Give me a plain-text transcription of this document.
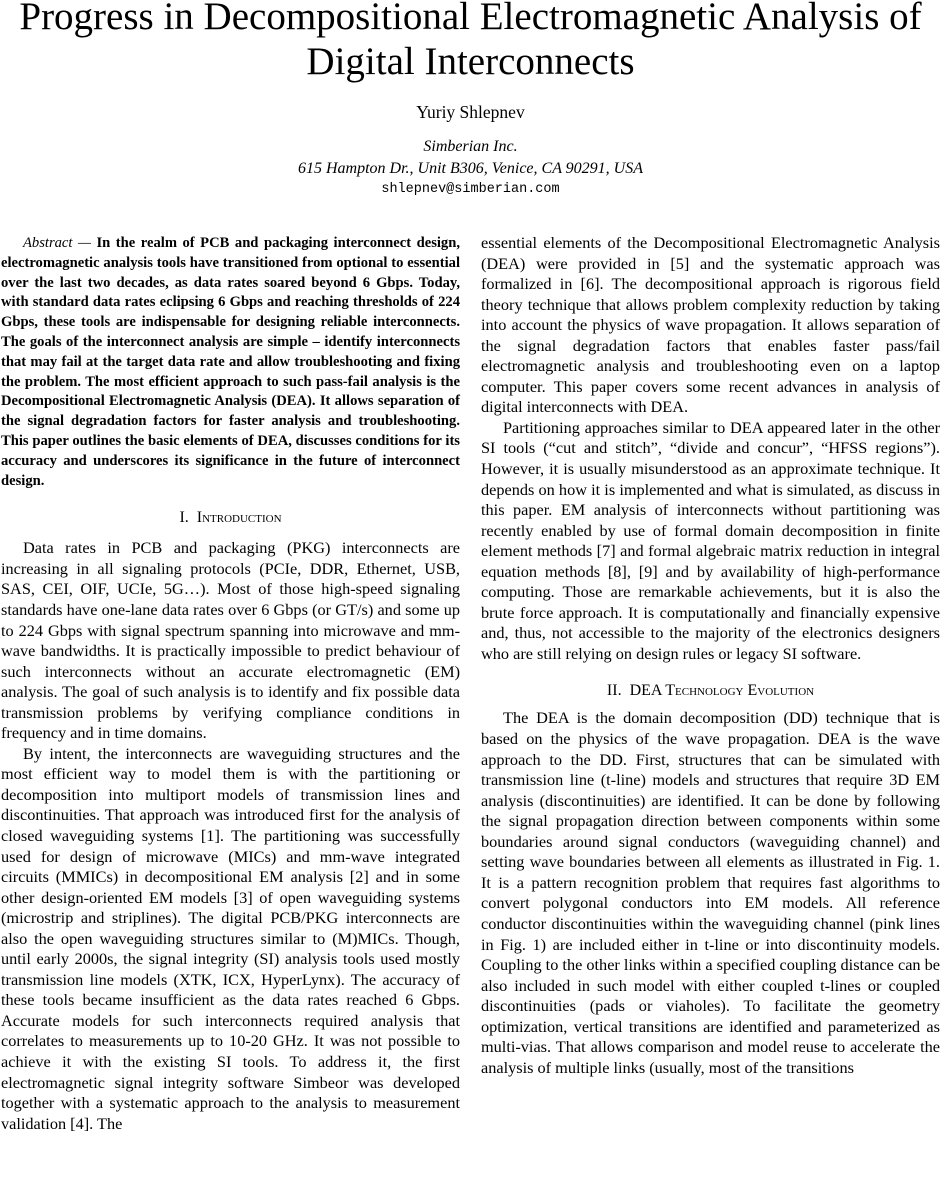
Progress in Decompositional Electromagnetic Analysis of Digital Interconnects
Yuriy Shlepnev
Simberian Inc.
615 Hampton Dr., Unit B306, Venice, CA 90291, USA
shlepnev@simberian.com

Abstract — In the realm of PCB and packaging interconnect design, electromagnetic analysis tools have transitioned from optional to essential over the last two decades, as data rates soared beyond 6 Gbps. Today, with standard data rates eclipsing 6 Gbps and reaching thresholds of 224 Gbps, these tools are indispensable for designing reliable interconnects. The goals of the interconnect analysis are simple – identify interconnects that may fail at the target data rate and allow troubleshooting and fixing the problem. The most efficient approach to such pass-fail analysis is the Decompositional Electromagnetic Analysis (DEA). It allows separation of the signal degradation factors for faster analysis and troubleshooting. This paper outlines the basic elements of DEA, discusses conditions for its accuracy and underscores its significance in the future of interconnect design.

I. Introduction

Data rates in PCB and packaging (PKG) interconnects are increasing in all signaling protocols (PCIe, DDR, Ethernet, USB, SAS, CEI, OIF, UCIe, 5G…). Most of those high-speed signaling standards have one-lane data rates over 6 Gbps (or GT/s) and some up to 224 Gbps with signal spectrum spanning into microwave and mm-wave bandwidths. It is practically impossible to predict behaviour of such interconnects without an accurate electromagnetic (EM) analysis. The goal of such analysis is to identify and fix possible data transmission problems by verifying compliance conditions in frequency and in time domains.

By intent, the interconnects are waveguiding structures and the most efficient way to model them is with the partitioning or decomposition into multiport models of transmission lines and discontinuities. That approach was introduced first for the analysis of closed waveguiding systems [1]. The partitioning was successfully used for design of microwave (MICs) and mm-wave integrated circuits (MMICs) in decompositional EM analysis [2] and in some other design-oriented EM models [3] of open waveguiding systems (microstrip and striplines). The digital PCB/PKG interconnects are also the open waveguiding structures similar to (M)MICs. Though, until early 2000s, the signal integrity (SI) analysis tools used mostly transmission line models (XTK, ICX, HyperLynx). The accuracy of these tools became insufficient as the data rates reached 6 Gbps. Accurate models for such interconnects required analysis that correlates to measurements up to 10-20 GHz. It was not possible to achieve it with the existing SI tools. To address it, the first electromagnetic signal integrity software Simbeor was developed together with a systematic approach to the analysis to measurement validation [4]. The

essential elements of the Decompositional Electromagnetic Analysis (DEA) were provided in [5] and the systematic approach was formalized in [6]. The decompositional approach is rigorous field theory technique that allows problem complexity reduction by taking into account the physics of wave propagation. It allows separation of the signal degradation factors that enables faster pass/fail electromagnetic analysis and troubleshooting even on a laptop computer. This paper covers some recent advances in analysis of digital interconnects with DEA.

Partitioning approaches similar to DEA appeared later in the other SI tools (“cut and stitch”, “divide and concur”, “HFSS regions”). However, it is usually misunderstood as an approximate technique. It depends on how it is implemented and what is simulated, as discuss in this paper. EM analysis of interconnects without partitioning was recently enabled by use of formal domain decomposition in finite element methods [7] and formal algebraic matrix reduction in integral equation methods [8], [9] and by availability of high-performance computing. Those are remarkable achievements, but it is also the brute force approach. It is computationally and financially expensive and, thus, not accessible to the majority of the electronics designers who are still relying on design rules or legacy SI software.

II. DEA Technology Evolution

The DEA is the domain decomposition (DD) technique that is based on the physics of the wave propagation. DEA is the wave approach to the DD. First, structures that can be simulated with transmission line (t-line) models and structures that require 3D EM analysis (discontinuities) are identified. It can be done by following the signal propagation direction between components within some boundaries around signal conductors (waveguiding channel) and setting wave boundaries between all elements as illustrated in Fig. 1. It is a pattern recognition problem that requires fast algorithms to convert polygonal conductors into EM models. All reference conductor discontinuities within the waveguiding channel (pink lines in Fig. 1) are included either in t-line or into discontinuity models. Coupling to the other links within a specified coupling distance can be also included in such model with either coupled t-lines or coupled discontinuities (pads or viaholes). To facilitate the geometry optimization, vertical transitions are identified and parameterized as multi-vias. That allows comparison and model reuse to accelerate the analysis of multiple links (usually, most of the transitions
